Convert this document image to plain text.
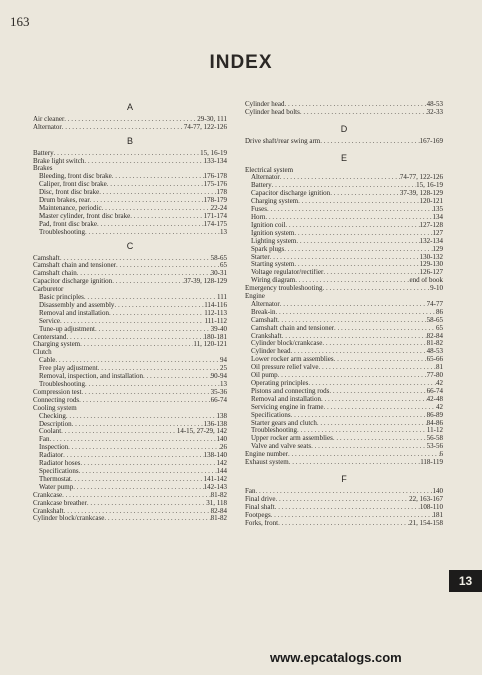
163
INDEX
A
Air cleaner . . .	29-30, 111
Alternator . . .	74-77, 122-126
B
Battery . . .	15, 16-19
Brake light switch . . .	133-134
Brakes
Bleeding, front disc brake . . .	176-178
Caliper, front disc brake . . .	175-176
Disc, front disc brake . . .	178
Drum brakes, rear . . .	178-179
Maintenance, periodic . . .	22-24
Master cylinder, front disc brake . . .	171-174
Pad, front disc brake . . .	174-175
Troubleshooting . . .	13
C
Camshaft . . .	58-65
Camshaft chain and tensioner . . .	65
Camshaft chain . . .	30-31
Capacitor discharge ignition . . .	37-39, 128-129
Carburetor
Basic principles . . .	111
Disassembly and assembly . . .	114-116
Removal and installation . . .	112-113
Service . . .	111-112
Tune-up adjustment . . .	39-40
Centerstand . . .	180-181
Charging system . . .	11, 120-121
Clutch
Cable . . .	94
Free play adjustment . . .	25
Removal, inspection, and installation . . .	90-94
Troubleshooting . . .	13
Compression test . . .	35-36
Connecting rods . . .	66-74
Cooling system
Checking . . .	138
Description . . .	136-138
Coolant . . .	14-15, 27-29, 142
Fan . . .	140
Inspection . . .	26
Radiator . . .	138-140
Radiator hoses . . .	142
Specifications . . .	144
Thermostat . . .	141-142
Water pump . . .	142-143
Crankcase . . .	81-82
Crankcase breather . . .	31, 118
Crankshaft . . .	82-84
Cylinder block/crankcase . . .	81-82
Cylinder head . . .	48-53
Cylinder head bolts . . .	32-33
D
Drive shaft/rear swing arm . . .	167-169
E
Electrical system
Alternator . . .	74-77, 122-126
Battery . . .	15, 16-19
Capacitor discharge ignition . . .	37-39, 128-129
Charging system . . .	120-121
Fuses . . .	135
Horn . . .	134
Ignition coil . . .	127-128
Ignition system . . .	127
Lighting system . . .	132-134
Spark plugs . . .	129
Starter . . .	130-132
Starting system . . .	129-130
Voltage regulator/rectifier . . .	126-127
Wiring diagram . . .	end of book
Emergency troubleshooting . . .	9-10
Engine
Alternator . . .	74-77
Break-in . . .	86
Camshaft . . .	58-65
Camshaft chain and tensioner . . .	65
Crankshaft . . .	82-84
Cylinder block/crankcase . . .	81-82
Cylinder head . . .	48-53
Lower rocker arm assemblies . . .	65-66
Oil pressure relief valve . . .	81
Oil pump . . .	77-80
Operating principles . . .	42
Pistons and connecting rods . . .	66-74
Removal and installation . . .	42-48
Servicing engine in frame . . .	42
Specifications . . .	86-89
Starter gears and clutch . . .	84-86
Troubleshooting . . .	11-12
Upper rocker arm assemblies . . .	56-58
Valve and valve seats . . .	53-56
Engine number . . .	6
Exhaust system . . .	118-119
F
Fan . . .	140
Final drive . . .	22, 163-167
Final shaft . . .	108-110
Footpegs . . .	181
Forks, front . . .	21, 154-158
13
www.epcatalogs.com
